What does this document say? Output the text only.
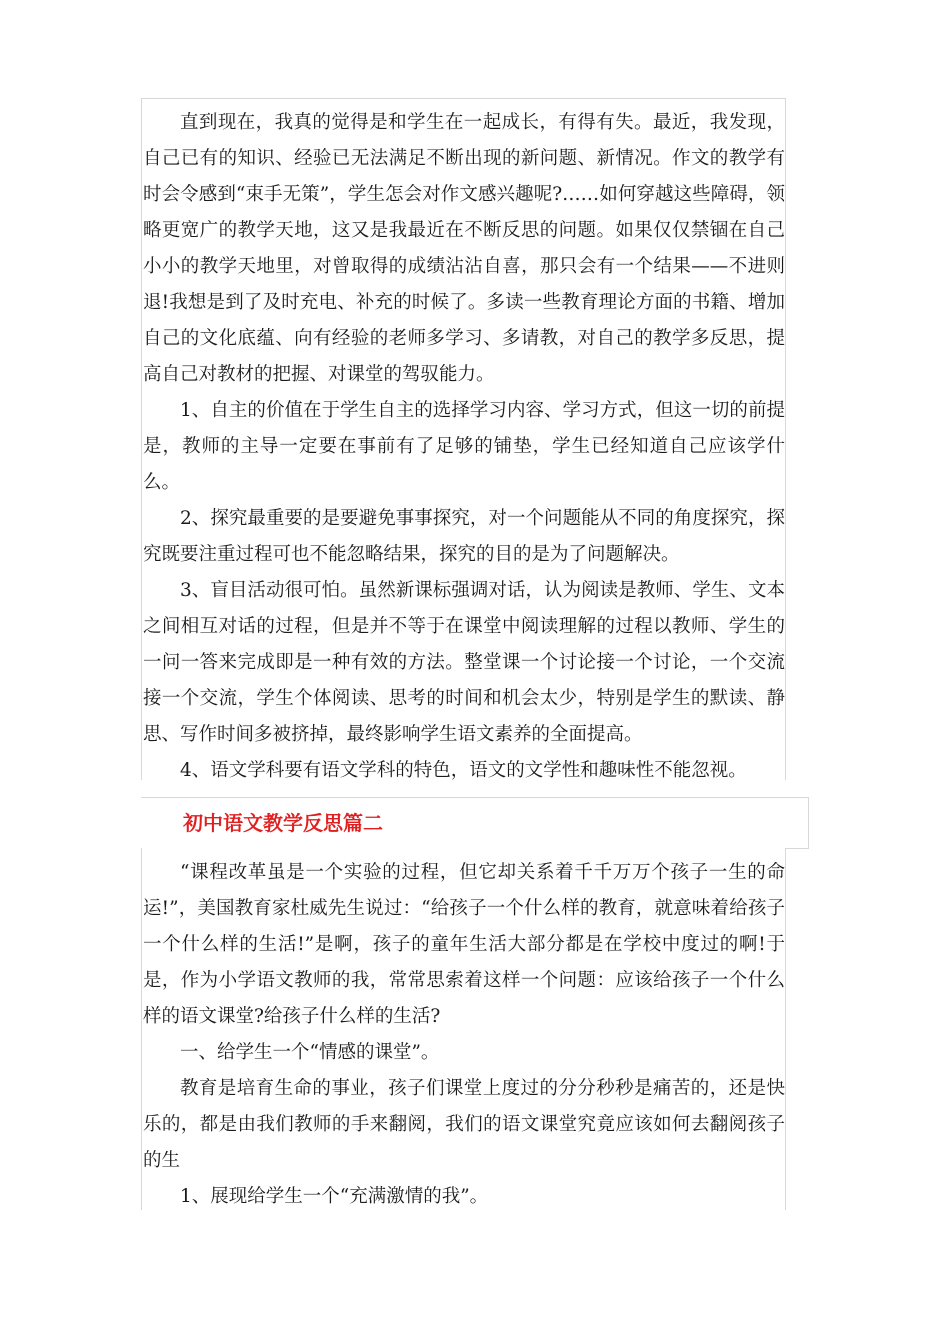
直到现在，我真的觉得是和学生在一起成长，有得有失。最近，我发现，自己已有的知识、经验已无法满足不断出现的新问题、新情况。作文的教学有时会令感到“束手无策”，学生怎会对作文感兴趣呢?……如何穿越这些障碍，领略更宽广的教学天地，这又是我最近在不断反思的问题。如果仅仅禁锢在自己小小的教学天地里，对曾取得的成绩沾沾自喜，那只会有一个结果——不进则退!我想是到了及时充电、补充的时候了。多读一些教育理论方面的书籍、增加自己的文化底蕴、向有经验的老师多学习、多请教，对自己的教学多反思，提高自己对教材的把握、对课堂的驾驭能力。

1、自主的价值在于学生自主的选择学习内容、学习方式，但这一切的前提是，教师的主导一定要在事前有了足够的铺垫，学生已经知道自己应该学什么。

2、探究最重要的是要避免事事探究，对一个问题能从不同的角度探究，探究既要注重过程可也不能忽略结果，探究的目的是为了问题解决。

3、盲目活动很可怕。虽然新课标强调对话，认为阅读是教师、学生、文本之间相互对话的过程，但是并不等于在课堂中阅读理解的过程以教师、学生的一问一答来完成即是一种有效的方法。整堂课一个讨论接一个讨论，一个交流接一个交流，学生个体阅读、思考的时间和机会太少，特别是学生的默读、静思、写作时间多被挤掉，最终影响学生语文素养的全面提高。

4、语文学科要有语文学科的特色，语文的文学性和趣味性不能忽视。

初中语文教学反思篇二

“课程改革虽是一个实验的过程，但它却关系着千千万万个孩子一生的命运!”，美国教育家杜威先生说过：“给孩子一个什么样的教育，就意味着给孩子一个什么样的生活!”是啊，孩子的童年生活大部分都是在学校中度过的啊!于是，作为小学语文教师的我，常常思索着这样一个问题：应该给孩子一个什么样的语文课堂?给孩子什么样的生活?

一、给学生一个“情感的课堂”。

教育是培育生命的事业，孩子们课堂上度过的分分秒秒是痛苦的，还是快乐的，都是由我们教师的手来翻阅，我们的语文课堂究竟应该如何去翻阅孩子的生

1、展现给学生一个“充满激情的我”。
